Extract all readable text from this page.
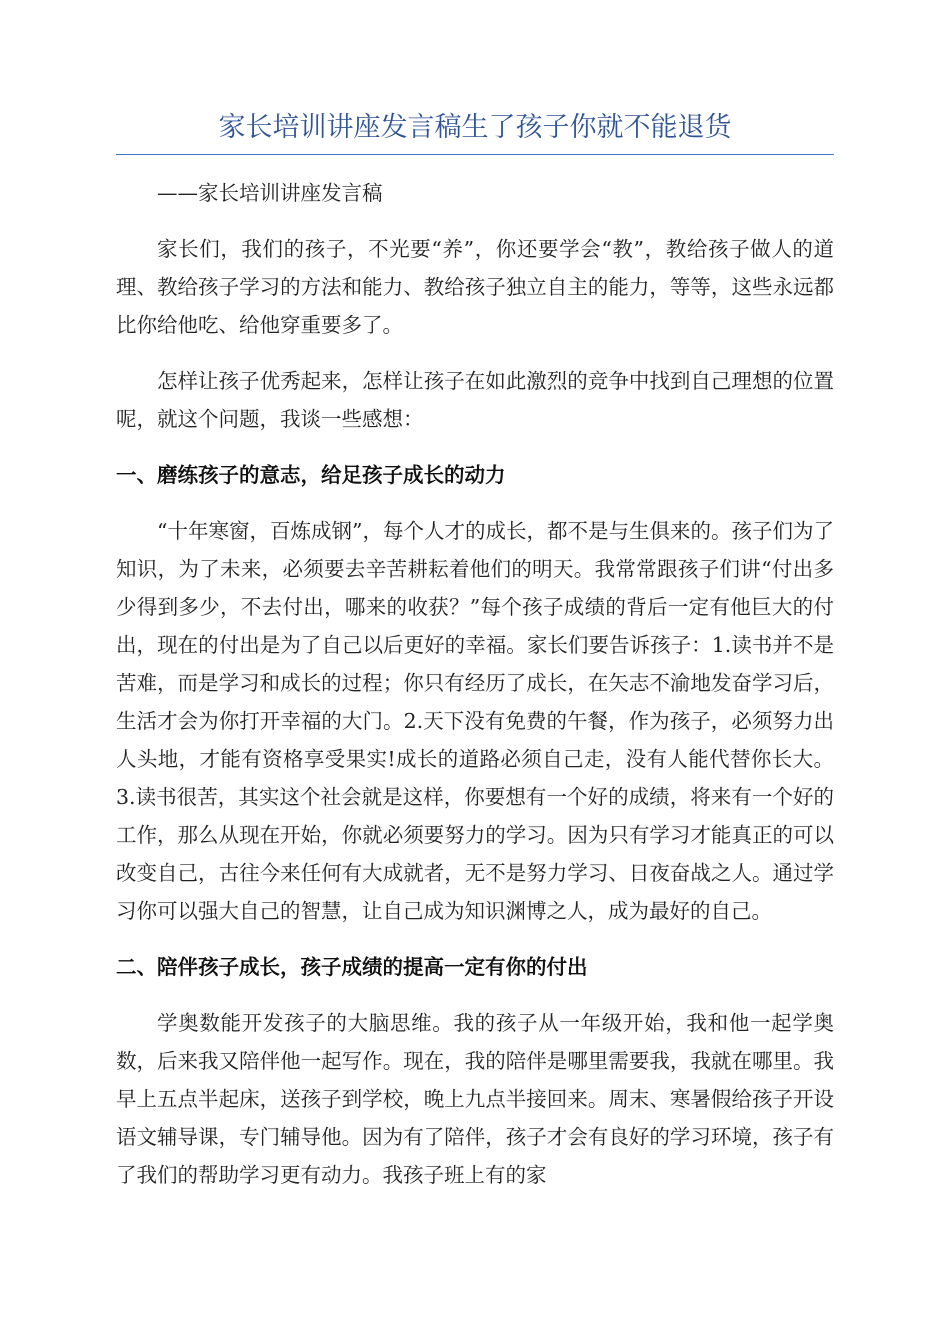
家长培训讲座发言稿生了孩子你就不能退货

——家长培训讲座发言稿

家长们，我们的孩子，不光要“养”，你还要学会“教”，教给孩子做人的道理、教给孩子学习的方法和能力、教给孩子独立自主的能力，等等，这些永远都比你给他吃、给他穿重要多了。

怎样让孩子优秀起来，怎样让孩子在如此激烈的竞争中找到自己理想的位置呢，就这个问题，我谈一些感想：

一、磨练孩子的意志，给足孩子成长的动力

“十年寒窗，百炼成钢”，每个人才的成长，都不是与生俱来的。孩子们为了知识，为了未来，必须要去辛苦耕耘着他们的明天。我常常跟孩子们讲“付出多少得到多少，不去付出，哪来的收获？”每个孩子成绩的背后一定有他巨大的付出，现在的付出是为了自己以后更好的幸福。家长们要告诉孩子：1.读书并不是苦难，而是学习和成长的过程；你只有经历了成长，在矢志不渝地发奋学习后，生活才会为你打开幸福的大门。2.天下没有免费的午餐，作为孩子，必须努力出人头地，才能有资格享受果实!成长的道路必须自己走，没有人能代替你长大。3.读书很苦，其实这个社会就是这样，你要想有一个好的成绩，将来有一个好的工作，那么从现在开始，你就必须要努力的学习。因为只有学习才能真正的可以改变自己，古往今来任何有大成就者，无不是努力学习、日夜奋战之人。通过学习你可以强大自己的智慧，让自己成为知识渊博之人，成为最好的自己。

二、陪伴孩子成长，孩子成绩的提高一定有你的付出

学奥数能开发孩子的大脑思维。我的孩子从一年级开始，我和他一起学奥数，后来我又陪伴他一起写作。现在，我的陪伴是哪里需要我，我就在哪里。我早上五点半起床，送孩子到学校，晚上九点半接回来。周末、寒暑假给孩子开设语文辅导课，专门辅导他。因为有了陪伴，孩子才会有良好的学习环境，孩子有了我们的帮助学习更有动力。我孩子班上有的家
